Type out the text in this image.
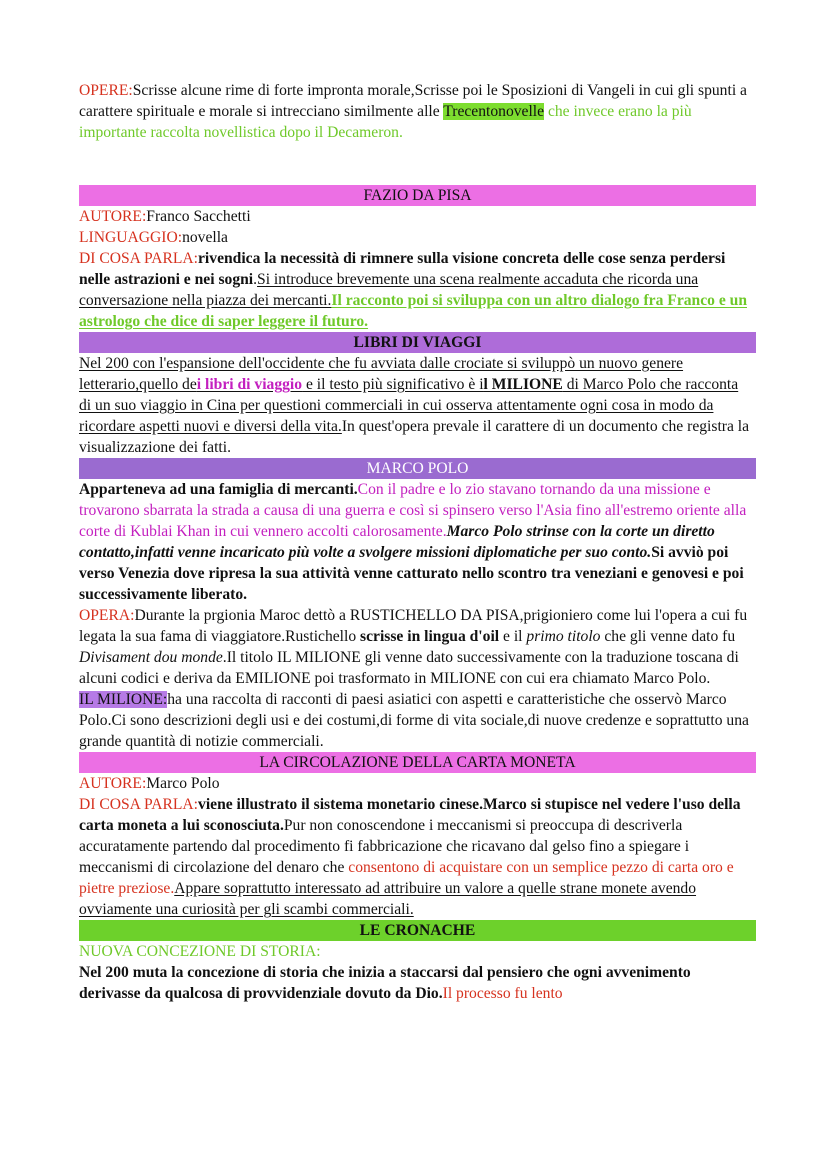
OPERE:Scrisse alcune rime di forte impronta morale,Scrisse poi le Sposizioni di Vangeli in cui gli spunti a carattere spirituale e morale si intrecciano similmente alle Trecentonovelle che invece erano la più importante raccolta novellistica dopo il Decameron.

FAZIO DA PISA

AUTORE:Franco Sacchetti

LINGUAGGIO:novella

DI COSA PARLA:rivendica la necessità di rimnere sulla visione concreta delle cose senza perdersi nelle astrazioni e nei sogni.Si introduce brevemente una scena realmente accaduta che ricorda una conversazione nella piazza dei mercanti.Il racconto poi si sviluppa con un altro dialogo fra Franco e un astrologo che dice di saper leggere il futuro.

LIBRI DI VIAGGI

Nel 200 con l'espansione dell'occidente che fu avviata dalle crociate si sviluppò un nuovo genere letterario,quello dei libri di viaggio e il testo più significativo è il MILIONE di Marco Polo che racconta di un suo viaggio in Cina per questioni commerciali in cui osserva attentamente ogni cosa in modo da ricordare aspetti nuovi e diversi della vita.In quest'opera prevale il carattere di un documento che registra la visualizzazione dei fatti.

MARCO POLO

Apparteneva ad una famiglia di mercanti.Con il padre e lo zio stavano tornando da una missione e trovarono sbarrata la strada a causa di una guerra e così si spinsero verso l'Asia fino all'estremo oriente alla corte di Kublai Khan in cui vennero accolti calorosamente.Marco Polo strinse con la corte un diretto contatto,infatti venne incaricato più volte a svolgere missioni diplomatiche per suo conto.Si avviò poi verso Venezia dove ripresa la sua attività venne catturato nello scontro tra veneziani e genovesi e poi successivamente liberato.

OPERA:Durante la prgionia Maroc dettò a RUSTICHELLO DA PISA,prigioniero come lui l'opera a cui fu legata la sua fama di viaggiatore.Rustichello scrisse in lingua d'oil e il primo titolo che gli venne dato fu Divisament dou monde.Il titolo IL MILIONE gli venne dato successivamente con la traduzione toscana di alcuni codici e deriva da EMILIONE poi trasformato in MILIONE con cui era chiamato Marco Polo.

IL MILIONE:ha una raccolta di racconti di paesi asiatici con aspetti e caratteristiche che osservò Marco Polo.Ci sono descrizioni degli usi e dei costumi,di forme di vita sociale,di nuove credenze e soprattutto una grande quantità di notizie commerciali.

LA CIRCOLAZIONE DELLA CARTA MONETA

AUTORE:Marco Polo

DI COSA PARLA:viene illustrato il sistema monetario cinese.Marco si stupisce nel vedere l'uso della carta moneta a lui sconosciuta.Pur non conoscendone i meccanismi si preoccupa di descriverla accuratamente partendo dal procedimento fi fabbricazione che ricavano dal gelso fino a spiegare i meccanismi di circolazione del denaro che consentono di acquistare con un semplice pezzo di carta oro e pietre preziose.Appare soprattutto interessato ad attribuire un valore a quelle strane monete avendo ovviamente una curiosità per gli scambi commerciali.

LE CRONACHE

NUOVA CONCEZIONE DI STORIA:

Nel 200 muta la concezione di storia che inizia a staccarsi dal pensiero che ogni avvenimento derivasse da qualcosa di provvidenziale dovuto da Dio.Il processo fu lento
